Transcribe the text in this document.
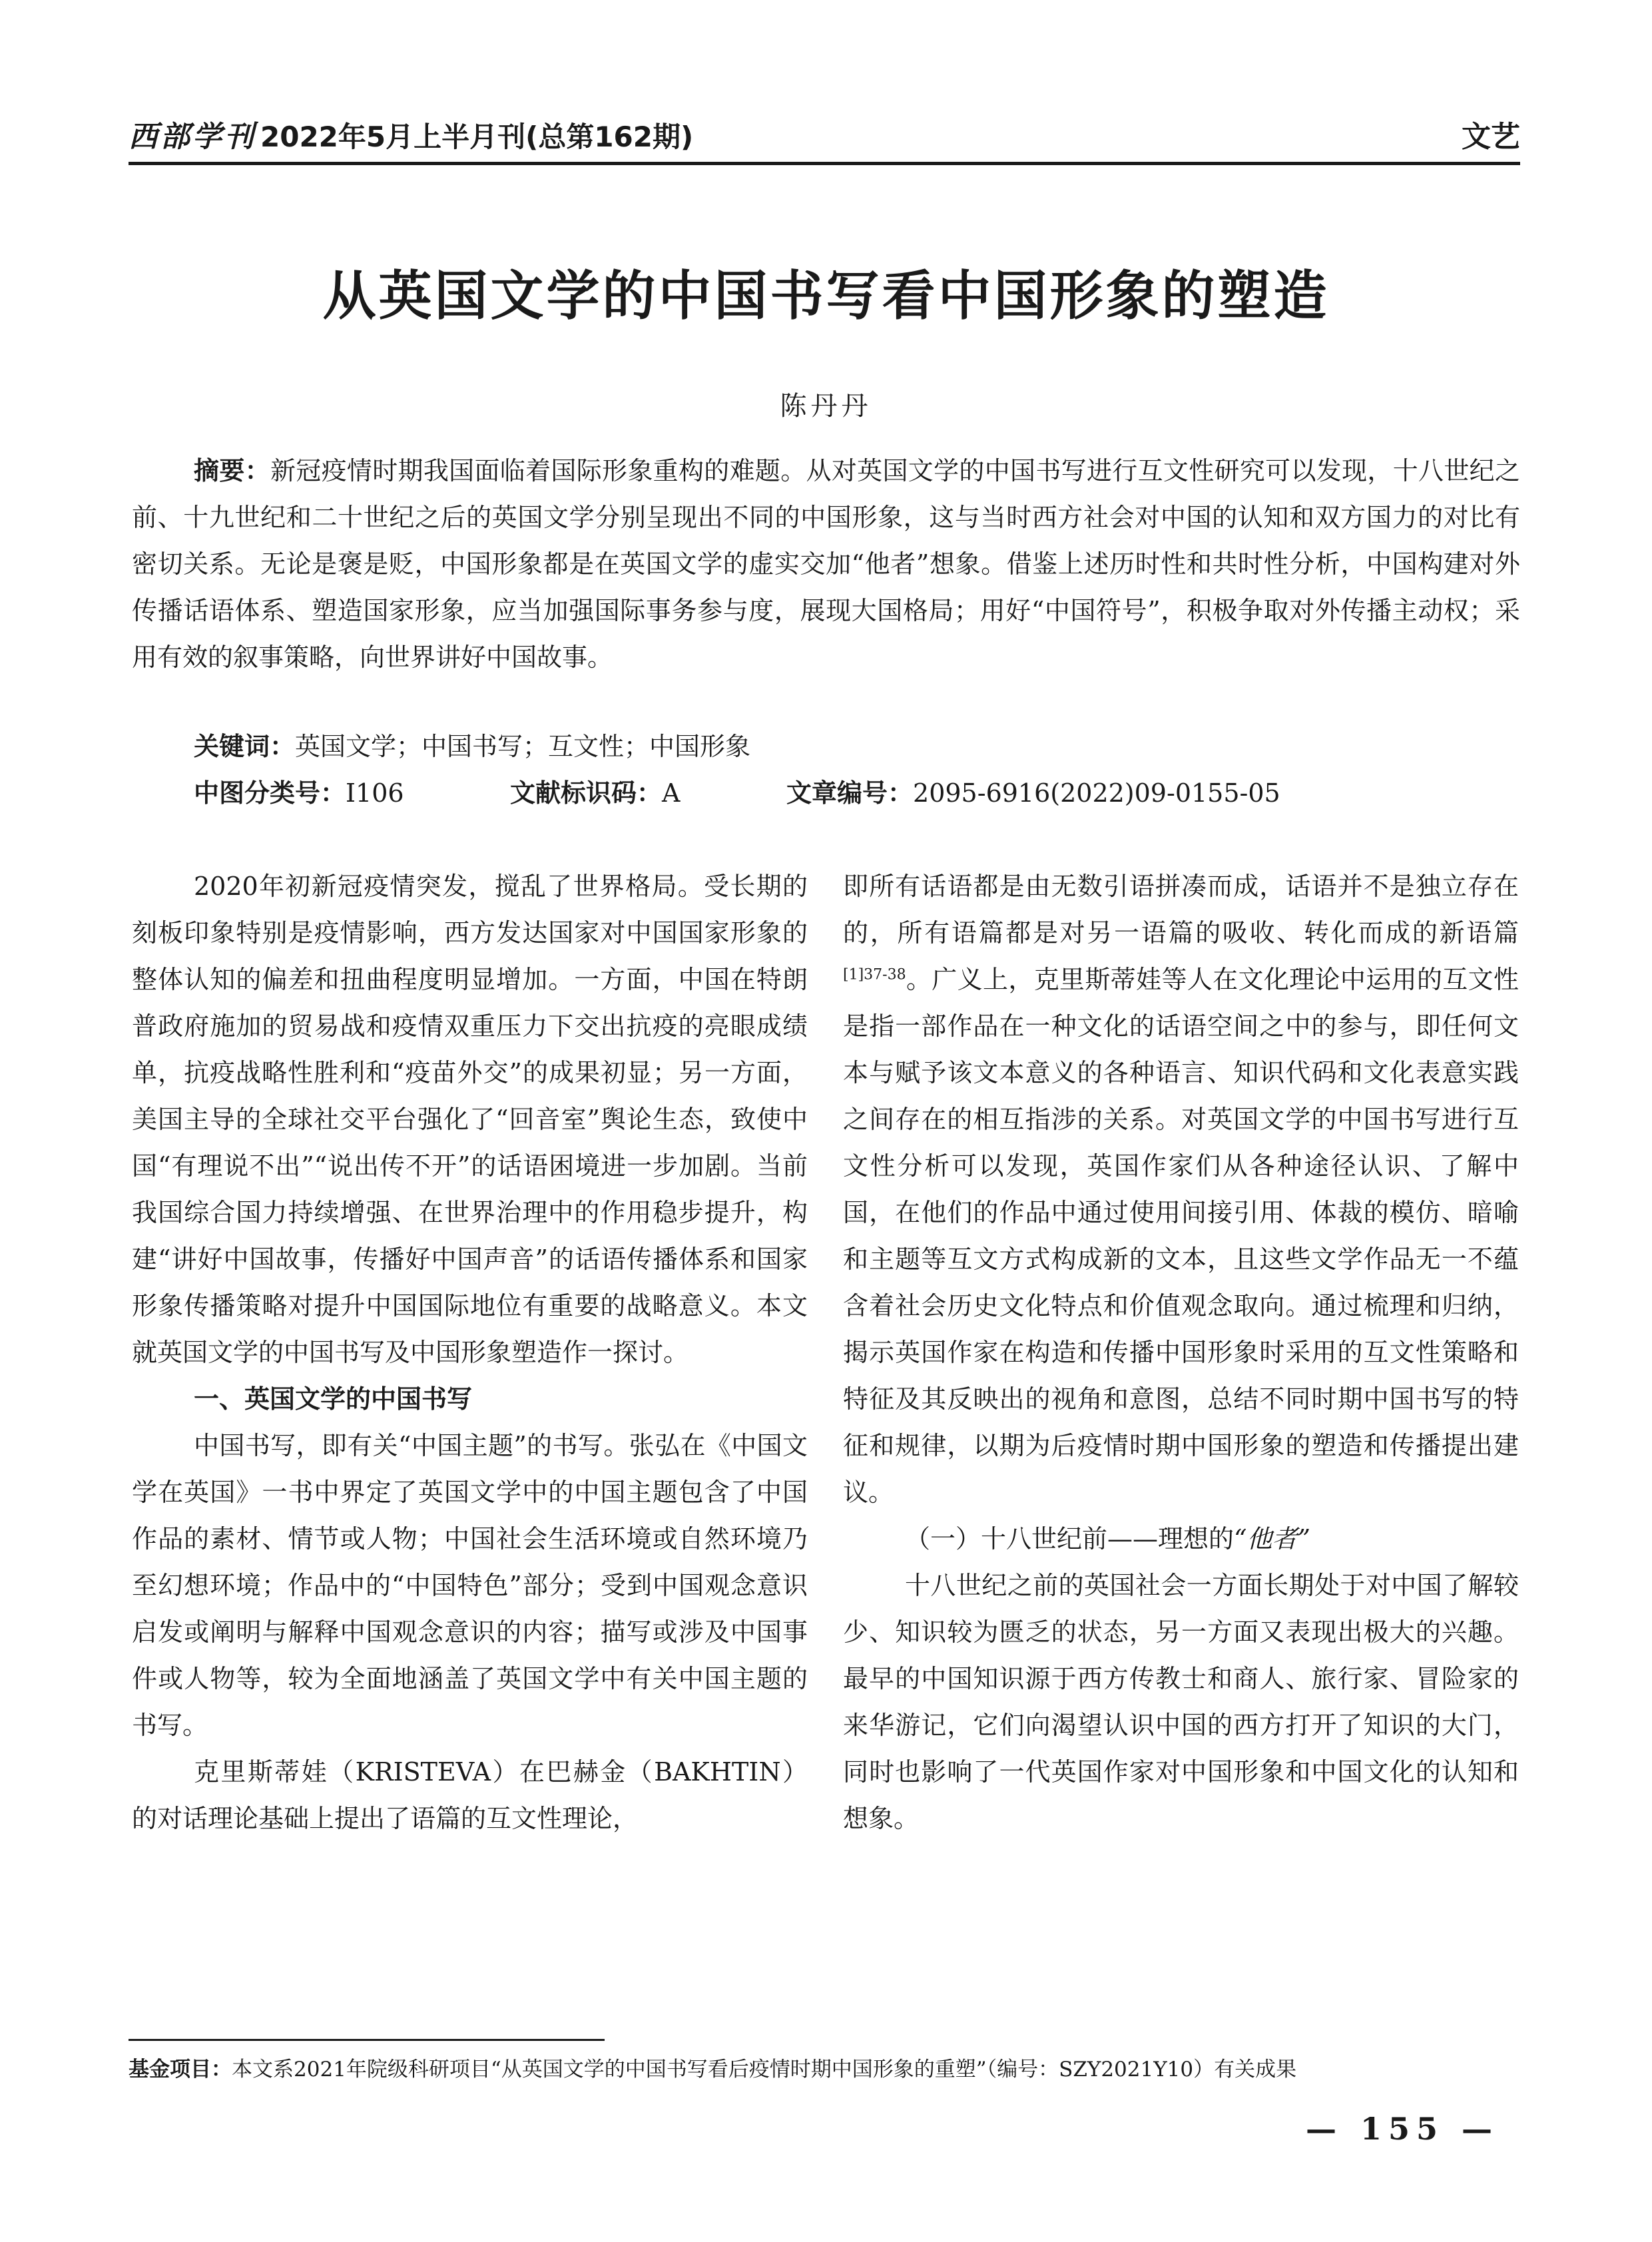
西部学刊 2022年5月上半月刊(总第162期)	文艺
从英国文学的中国书写看中国形象的塑造
陈丹丹
摘要：新冠疫情时期我国面临着国际形象重构的难题。从对英国文学的中国书写进行互文性研究可以发现，十八世纪之前、十九世纪和二十世纪之后的英国文学分别呈现出不同的中国形象，这与当时西方社会对中国的认知和双方国力的对比有密切关系。无论是褒是贬，中国形象都是在英国文学的虚实交加“他者”想象。借鉴上述历时性和共时性分析，中国构建对外传播话语体系、塑造国家形象，应当加强国际事务参与度，展现大国格局；用好“中国符号”，积极争取对外传播主动权；采用有效的叙事策略，向世界讲好中国故事。
关键词：英国文学；中国书写；互文性；中国形象
中图分类号：I106	文献标识码：A	文章编号：2095-6916(2022)09-0155-05

2020年初新冠疫情突发，搅乱了世界格局。受长期的刻板印象特别是疫情影响，西方发达国家对中国国家形象的整体认知的偏差和扭曲程度明显增加。一方面，中国在特朗普政府施加的贸易战和疫情双重压力下交出抗疫的亮眼成绩单，抗疫战略性胜利和“疫苗外交”的成果初显；另一方面，美国主导的全球社交平台强化了“回音室”舆论生态，致使中国“有理说不出”“说出传不开”的话语困境进一步加剧。当前我国综合国力持续增强、在世界治理中的作用稳步提升，构建“讲好中国故事，传播好中国声音”的话语传播体系和国家形象传播策略对提升中国国际地位有重要的战略意义。本文就英国文学的中国书写及中国形象塑造作一探讨。

一、英国文学的中国书写

中国书写，即有关“中国主题”的书写。张弘在《中国文学在英国》一书中界定了英国文学中的中国主题包含了中国作品的素材、情节或人物；中国社会生活环境或自然环境乃至幻想环境；作品中的“中国特色”部分；受到中国观念意识启发或阐明与解释中国观念意识的内容；描写或涉及中国事件或人物等，较为全面地涵盖了英国文学中有关中国主题的书写。

克里斯蒂娃（KRISTEVA）在巴赫金（BAKHTIN）的对话理论基础上提出了语篇的互文性理论，

即所有话语都是由无数引语拼凑而成，话语并不是独立存在的，所有语篇都是对另一语篇的吸收、转化而成的新语篇$^{[1]37-38}$。广义上，克里斯蒂娃等人在文化理论中运用的互文性是指一部作品在一种文化的话语空间之中的参与，即任何文本与赋予该文本意义的各种语言、知识代码和文化表意实践之间存在的相互指涉的关系。对英国文学的中国书写进行互文性分析可以发现，英国作家们从各种途径认识、了解中国，在他们的作品中通过使用间接引用、体裁的模仿、暗喻和主题等互文方式构成新的文本，且这些文学作品无一不蕴含着社会历史文化特点和价值观念取向。通过梳理和归纳，揭示英国作家在构造和传播中国形象时采用的互文性策略和特征及其反映出的视角和意图，总结不同时期中国书写的特征和规律，以期为后疫情时期中国形象的塑造和传播提出建议。

（一）十八世纪前——理想的“他者”

十八世纪之前的英国社会一方面长期处于对中国了解较少、知识较为匮乏的状态，另一方面又表现出极大的兴趣。最早的中国知识源于西方传教士和商人、旅行家、冒险家的来华游记，它们向渴望认识中国的西方打开了知识的大门，同时也影响了一代英国作家对中国形象和中国文化的认知和想象。

基金项目：本文系2021年院级科研项目“从英国文学的中国书写看后疫情时期中国形象的重塑”（编号：SZY2021Y10）有关成果
— 155 —
